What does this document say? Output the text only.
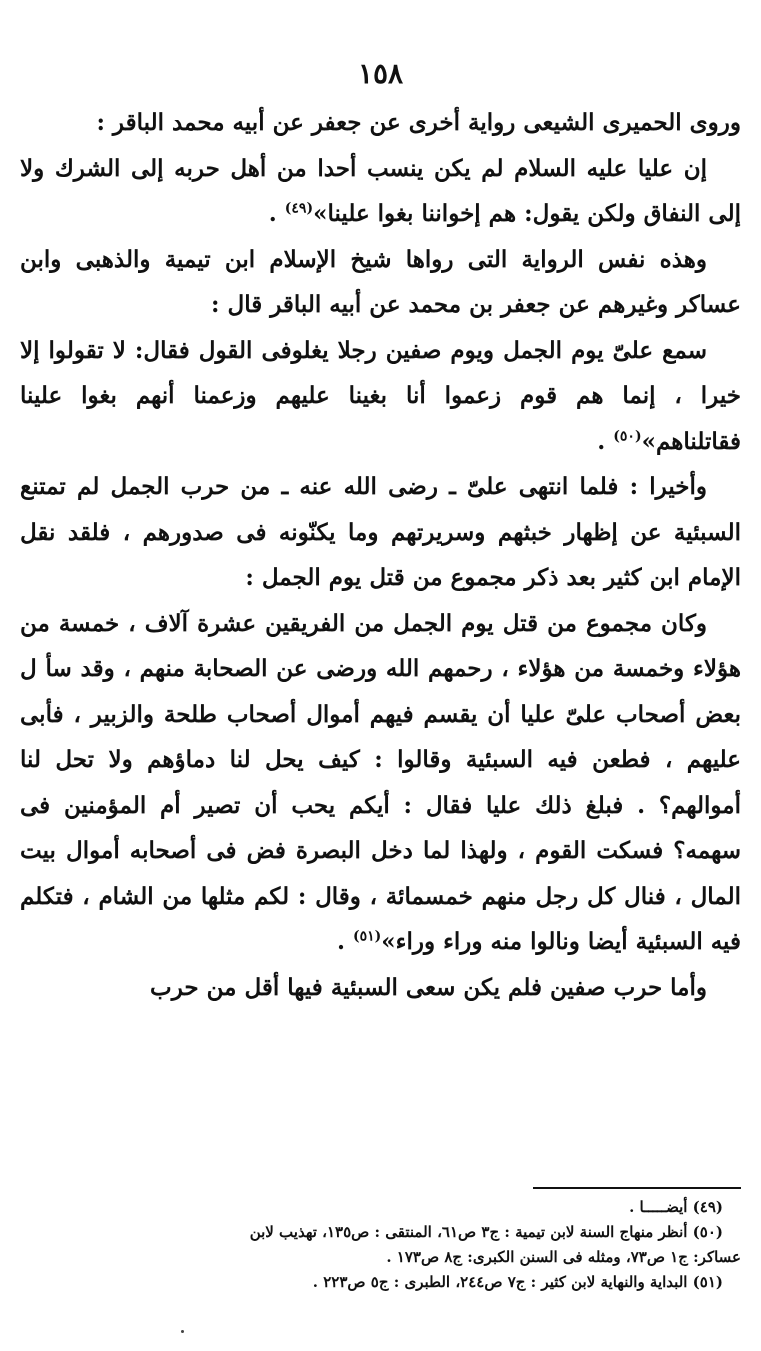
١٥٨

وروى الحميرى الشيعى رواية أخرى عن جعفر عن أبيه محمد الباقر :

إن عليا عليه السلام لم يكن ينسب أحدا من أهل حربه إلى الشرك ولا إلى النفاق ولكن يقول: هم إخواننا بغوا علينا»$^{(٤٩)}$ .

وهذه نفس الرواية التى رواها شيخ الإسلام ابن تيمية والذهبى وابن عساكر وغيرهم عن جعفر بن محمد عن أبيه الباقر قال :

سمع علىّ يوم الجمل ويوم صفين رجلا يغلوفى القول فقال: لا تقولوا إلا خيرا ، إنما هم قوم زعموا أنا بغينا عليهم وزعمنا أنهم بغوا علينا فقاتلناهم»$^{(٥٠)}$ .

وأخيرا : فلما انتهى علىّ ـ رضى الله عنه ـ من حرب الجمل لم تمتنع السبئية عن إظهار خبثهم وسريرتهم وما يكنّونه فى صدورهم ، فلقد نقل الإمام ابن كثير بعد ذكر مجموع من قتل يوم الجمل :

وكان مجموع من قتل يوم الجمل من الفريقين عشرة آلاف ، خمسة من هؤلاء وخمسة من هؤلاء ، رحمهم الله ورضى عن الصحابة منهم ، وقد سأ ل بعض أصحاب علىّ عليا أن يقسم فيهم أموال أصحاب طلحة والزبير ، فأبى عليهم ، فطعن فيه السبئية وقالوا : كيف يحل لنا دماؤهم ولا تحل لنا أموالهم؟ . فبلغ ذلك عليا فقال : أيكم يحب أن تصير أم المؤمنين فى سهمه؟ فسكت القوم ، ولهذا لما دخل البصرة فض فى أصحابه أموال بيت المال ، فنال كل رجل منهم خمسمائة ، وقال : لكم مثلها من الشام ، فتكلم فيه السبئية أيضا ونالوا منه وراء وراء»$^{(٥١)}$ .

وأما حرب صفين فلم يكن سعى السبئية فيها أقل من حرب

(٤٩) أيضـــــا .

(٥٠) أنظر منهاج السنة لابن تيمية : ج٣ ص٦١، المنتقى : ص١٣٥، تهذيب لابن

عساكر: ج١ ص٧٣، ومثله فى السنن الكبرى: ج٨ ص١٧٣ .

(٥١) البداية والنهاية لابن كثير : ج٧ ص٢٤٤، الطبرى : ج٥ ص٢٢٣ .
